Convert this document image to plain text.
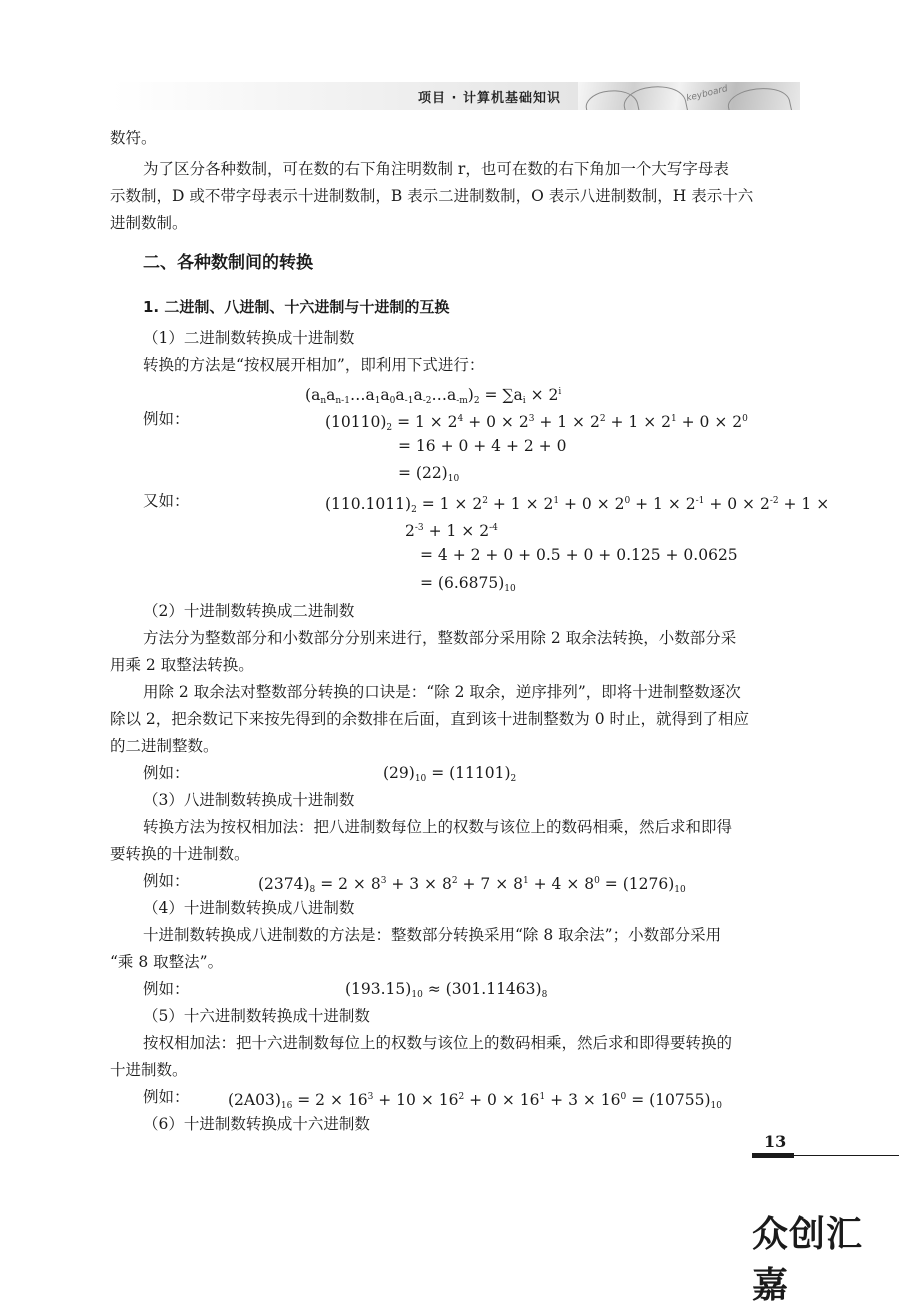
项目 · 计算机基础知识	keyboard
数符。
为了区分各种数制，可在数的右下角注明数制 r，也可在数的右下角加一个大写字母表
示数制，D 或不带字母表示十进制数制，B 表示二进制数制，O 表示八进制数制，H 表示十六
进制数制。
二、各种数制间的转换
1. 二进制、八进制、十六进制与十进制的互换
（1）二进制数转换成十进制数
转换的方法是“按权展开相加”，即利用下式进行：
$(a_na_{n-1}\dots a_1a_0a_{-1}a_{-2}\dots a_{-m})_2 = \sum a_i \times 2^i$
例如：	$(10110)_2 = 1 \times 2^4 + 0 \times 2^3 + 1 \times 2^2 + 1 \times 2^1 + 0 \times 2^0$
= 16 + 0 + 4 + 2 + 0
= $(22)_{10}$
又如：	$(110.1011)_2 = 1 \times 2^2 + 1 \times 2^1 + 0 \times 2^0 + 1 \times 2^{-1} + 0 \times 2^{-2} + 1$ ×
$2^{-3} + 1 \times 2^{-4}$
= 4 + 2 + 0 + 0.5 + 0 + 0.125 + 0.0625
= $(6.6875)_{10}$
（2）十进制数转换成二进制数
方法分为整数部分和小数部分分别来进行，整数部分采用除 2 取余法转换，小数部分采
用乘 2 取整法转换。
用除 2 取余法对整数部分转换的口诀是：“除 2 取余，逆序排列”，即将十进制整数逐次
除以 2，把余数记下来按先得到的余数排在后面，直到该十进制整数为 0 时止，就得到了相应
的二进制整数。
例如：	$(29)_{10} = (11101)_2$
（3）八进制数转换成十进制数
转换方法为按权相加法：把八进制数每位上的权数与该位上的数码相乘，然后求和即得
要转换的十进制数。
例如：	$(2374)_8 = 2 \times 8^3 + 3 \times 8^2 + 7 \times 8^1 + 4 \times 8^0 = (1276)_{10}$
（4）十进制数转换成八进制数
十进制数转换成八进制数的方法是：整数部分转换采用“除 8 取余法”；小数部分采用
“乘 8 取整法”。
例如：	$(193.15)_{10} \approx (301.11463)_8$
（5）十六进制数转换成十进制数
按权相加法：把十六进制数每位上的权数与该位上的数码相乘，然后求和即得要转换的
十进制数。
例如： $(2A03)_{16} = 2 \times 16^3 + 10 \times 16^2 + 0 \times 16^1 + 3 \times 16^0 = (10755)_{10}$
（6）十进制数转换成十六进制数
13
众创汇嘉
